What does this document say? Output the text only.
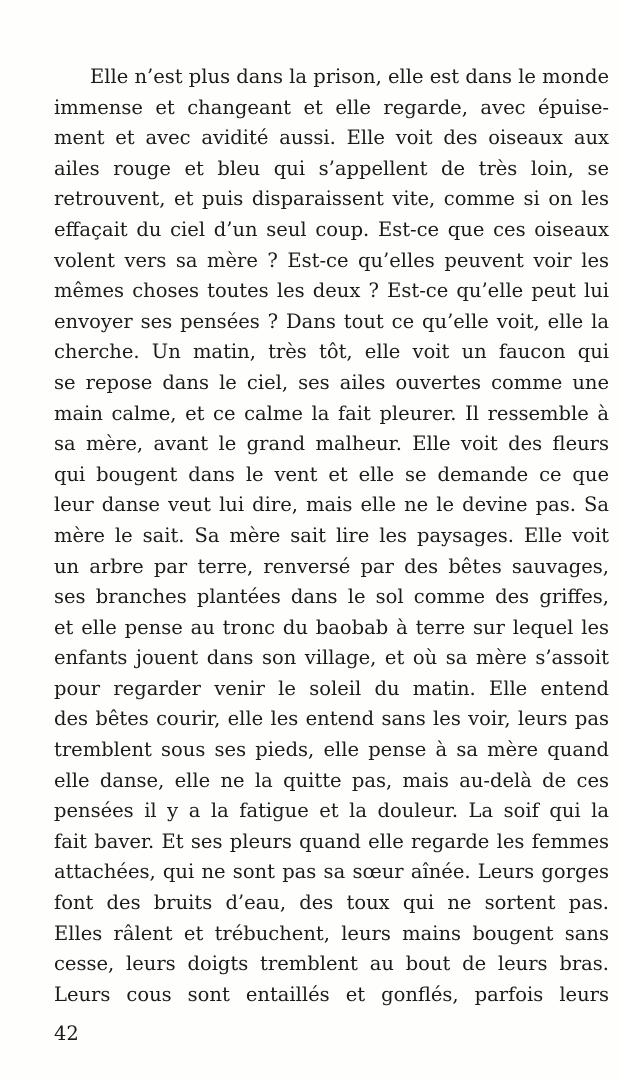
Elle n’est plus dans la prison, elle est dans le monde
immense et changeant et elle regarde, avec épuise-
ment et avec avidité aussi. Elle voit des oiseaux aux
ailes rouge et bleu qui s’appellent de très loin, se
retrouvent, et puis disparaissent vite, comme si on les
effaçait du ciel d’un seul coup. Est-ce que ces oiseaux
volent vers sa mère ? Est-ce qu’elles peuvent voir les
mêmes choses toutes les deux ? Est-ce qu’elle peut lui
envoyer ses pensées ? Dans tout ce qu’elle voit, elle la
cherche. Un matin, très tôt, elle voit un faucon qui
se repose dans le ciel, ses ailes ouvertes comme une
main calme, et ce calme la fait pleurer. Il ressemble à
sa mère, avant le grand malheur. Elle voit des fleurs
qui bougent dans le vent et elle se demande ce que
leur danse veut lui dire, mais elle ne le devine pas. Sa
mère le sait. Sa mère sait lire les paysages. Elle voit
un arbre par terre, renversé par des bêtes sauvages,
ses branches plantées dans le sol comme des griffes,
et elle pense au tronc du baobab à terre sur lequel les
enfants jouent dans son village, et où sa mère s’assoit
pour regarder venir le soleil du matin. Elle entend
des bêtes courir, elle les entend sans les voir, leurs pas
tremblent sous ses pieds, elle pense à sa mère quand
elle danse, elle ne la quitte pas, mais au-delà de ces
pensées il y a la fatigue et la douleur. La soif qui la
fait baver. Et ses pleurs quand elle regarde les femmes
attachées, qui ne sont pas sa sœur aînée. Leurs gorges
font des bruits d’eau, des toux qui ne sortent pas.
Elles râlent et trébuchent, leurs mains bougent sans
cesse, leurs doigts tremblent au bout de leurs bras.
Leurs cous sont entaillés et gonflés, parfois leurs
42
